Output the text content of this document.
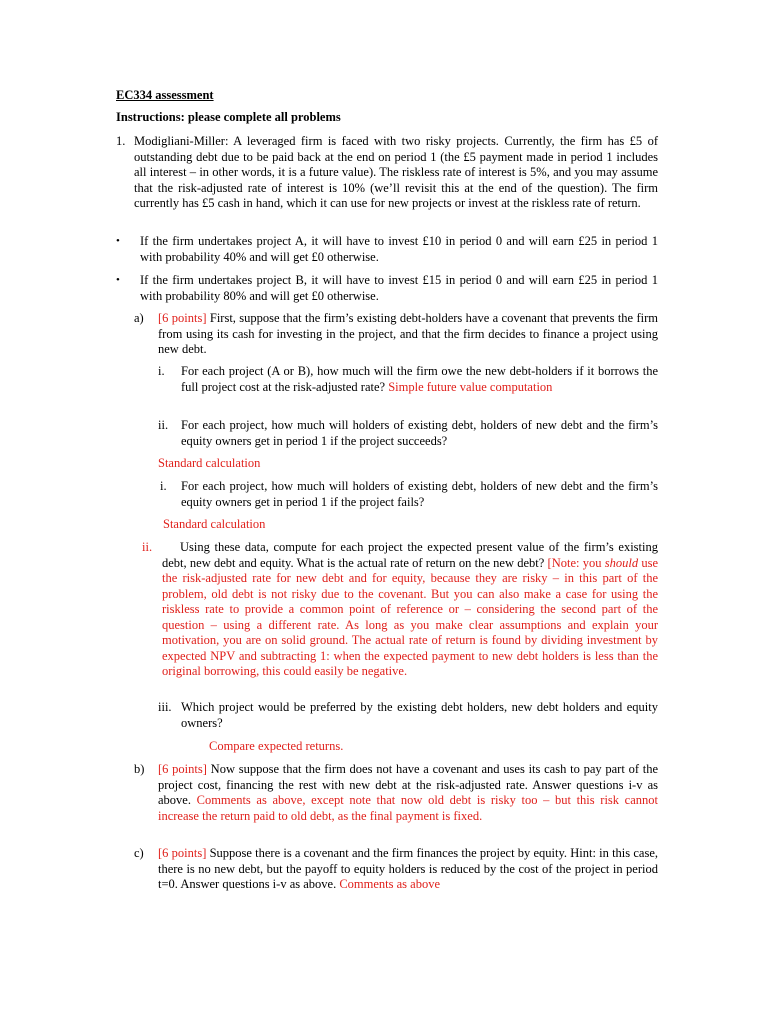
EC334 assessment

Instructions: please complete all problems

1. Modigliani-Miller: A leveraged firm is faced with two risky projects. Currently, the firm has £5 of outstanding debt due to be paid back at the end on period 1 (the £5 payment made in period 1 includes all interest – in other words, it is a future value). The riskless rate of interest is 5%, and you may assume that the risk-adjusted rate of interest is 10% (we’ll revisit this at the end of the question). The firm currently has £5 cash in hand, which it can use for new projects or invest at the riskless rate of return.

• If the firm undertakes project A, it will have to invest £10 in period 0 and will earn £25 in period 1 with probability 40% and will get £0 otherwise.

• If the firm undertakes project B, it will have to invest £15 in period 0 and will earn £25 in period 1 with probability 80% and will get £0 otherwise.

a) [6 points] First, suppose that the firm’s existing debt-holders have a covenant that prevents the firm from using its cash for investing in the project, and that the firm decides to finance a project using new debt.

i. For each project (A or B), how much will the firm owe the new debt-holders if it borrows the full project cost at the risk-adjusted rate? Simple future value computation

ii. For each project, how much will holders of existing debt, holders of new debt and the firm’s equity owners get in period 1 if the project succeeds?

Standard calculation

i. For each project, how much will holders of existing debt, holders of new debt and the firm’s equity owners get in period 1 if the project fails?

Standard calculation

ii.	Using these data, compute for each project the expected present value of the firm’s existing debt, new debt and equity. What is the actual rate of return on the new debt? [Note: you should use the risk-adjusted rate for new debt and for equity, because they are risky – in this part of the problem, old debt is not risky due to the covenant. But you can also make a case for using the riskless rate to provide a common point of reference or – considering the second part of the question – using a different rate. As long as you make clear assumptions and explain your motivation, you are on solid ground. The actual rate of return is found by dividing investment by expected NPV and subtracting 1: when the expected payment to new debt holders is less than the original borrowing, this could easily be negative.

iii. Which project would be preferred by the existing debt holders, new debt holders and equity owners?

Compare expected returns.

b) [6 points] Now suppose that the firm does not have a covenant and uses its cash to pay part of the project cost, financing the rest with new debt at the risk-adjusted rate. Answer questions i-v as above. Comments as above, except note that now old debt is risky too – but this risk cannot increase the return paid to old debt, as the final payment is fixed.

c) [6 points] Suppose there is a covenant and the firm finances the project by equity. Hint: in this case, there is no new debt, but the payoff to equity holders is reduced by the cost of the project in period t=0. Answer questions i-v as above. Comments as above
